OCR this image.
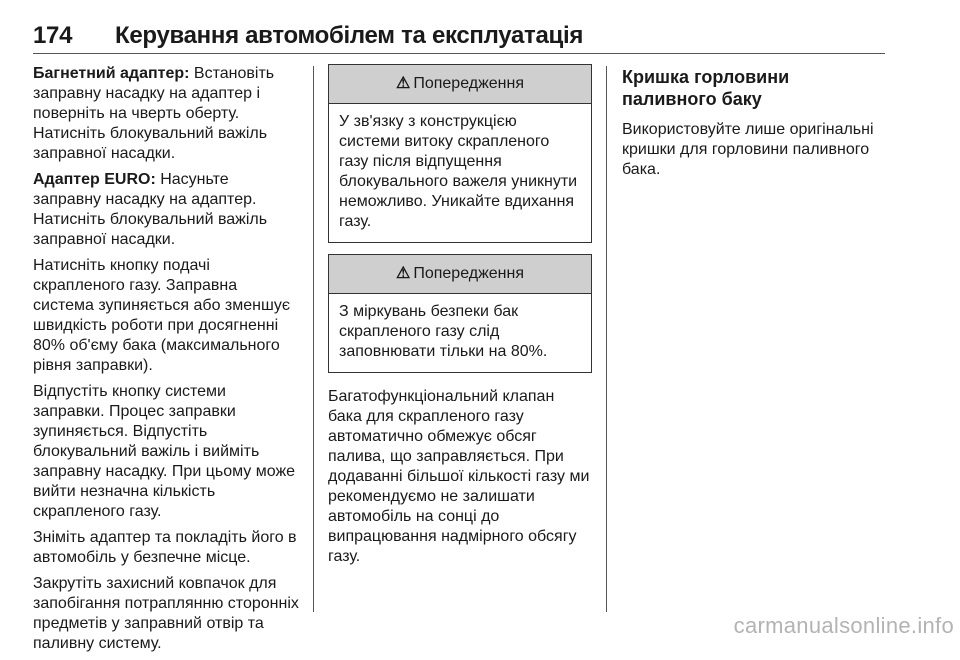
174 Керування автомобілем та експлуатація

Багнетний адаптер: Встановіть заправну насадку на адаптер і поверніть на чверть оберту. Натисніть блокувальний важіль заправної насадки.

Адаптер EURO: Насуньте заправну насадку на адаптер. Натисніть блокувальний важіль заправної насадки.

Натисніть кнопку подачі скрапленого газу. Заправна система зупиняється або зменшує швидкість роботи при досягненні 80% об'єму бака (максимального рівня заправки).

Відпустіть кнопку системи заправки. Процес заправки зупиняється. Відпустіть блокувальний важіль і вийміть заправну насадку. При цьому може вийти незначна кількість скрапленого газу.

Зніміть адаптер та покладіть його в автомобіль у безпечне місце.

Закрутіть захисний ковпачок для запобігання потраплянню сторонніх предметів у заправний отвір та паливну систему.

⚠ Попередження
У зв'язку з конструкцією системи витоку скрапленого газу після відпущення блокувального важеля уникнути неможливо. Уникайте вдихання газу.
⚠ Попередження
З міркувань безпеки бак скрапленого газу слід заповнювати тільки на 80%.

Багатофункціональний клапан бака для скрапленого газу автоматично обмежує обсяг палива, що заправляється. При додаванні більшої кількості газу ми рекомендуємо не залишати автомобіль на сонці до випрацювання надмірного обсягу газу.

Кришка горловини паливного баку

Використовуйте лише оригінальні кришки для горловини паливного бака.

carmanualsonline.info
